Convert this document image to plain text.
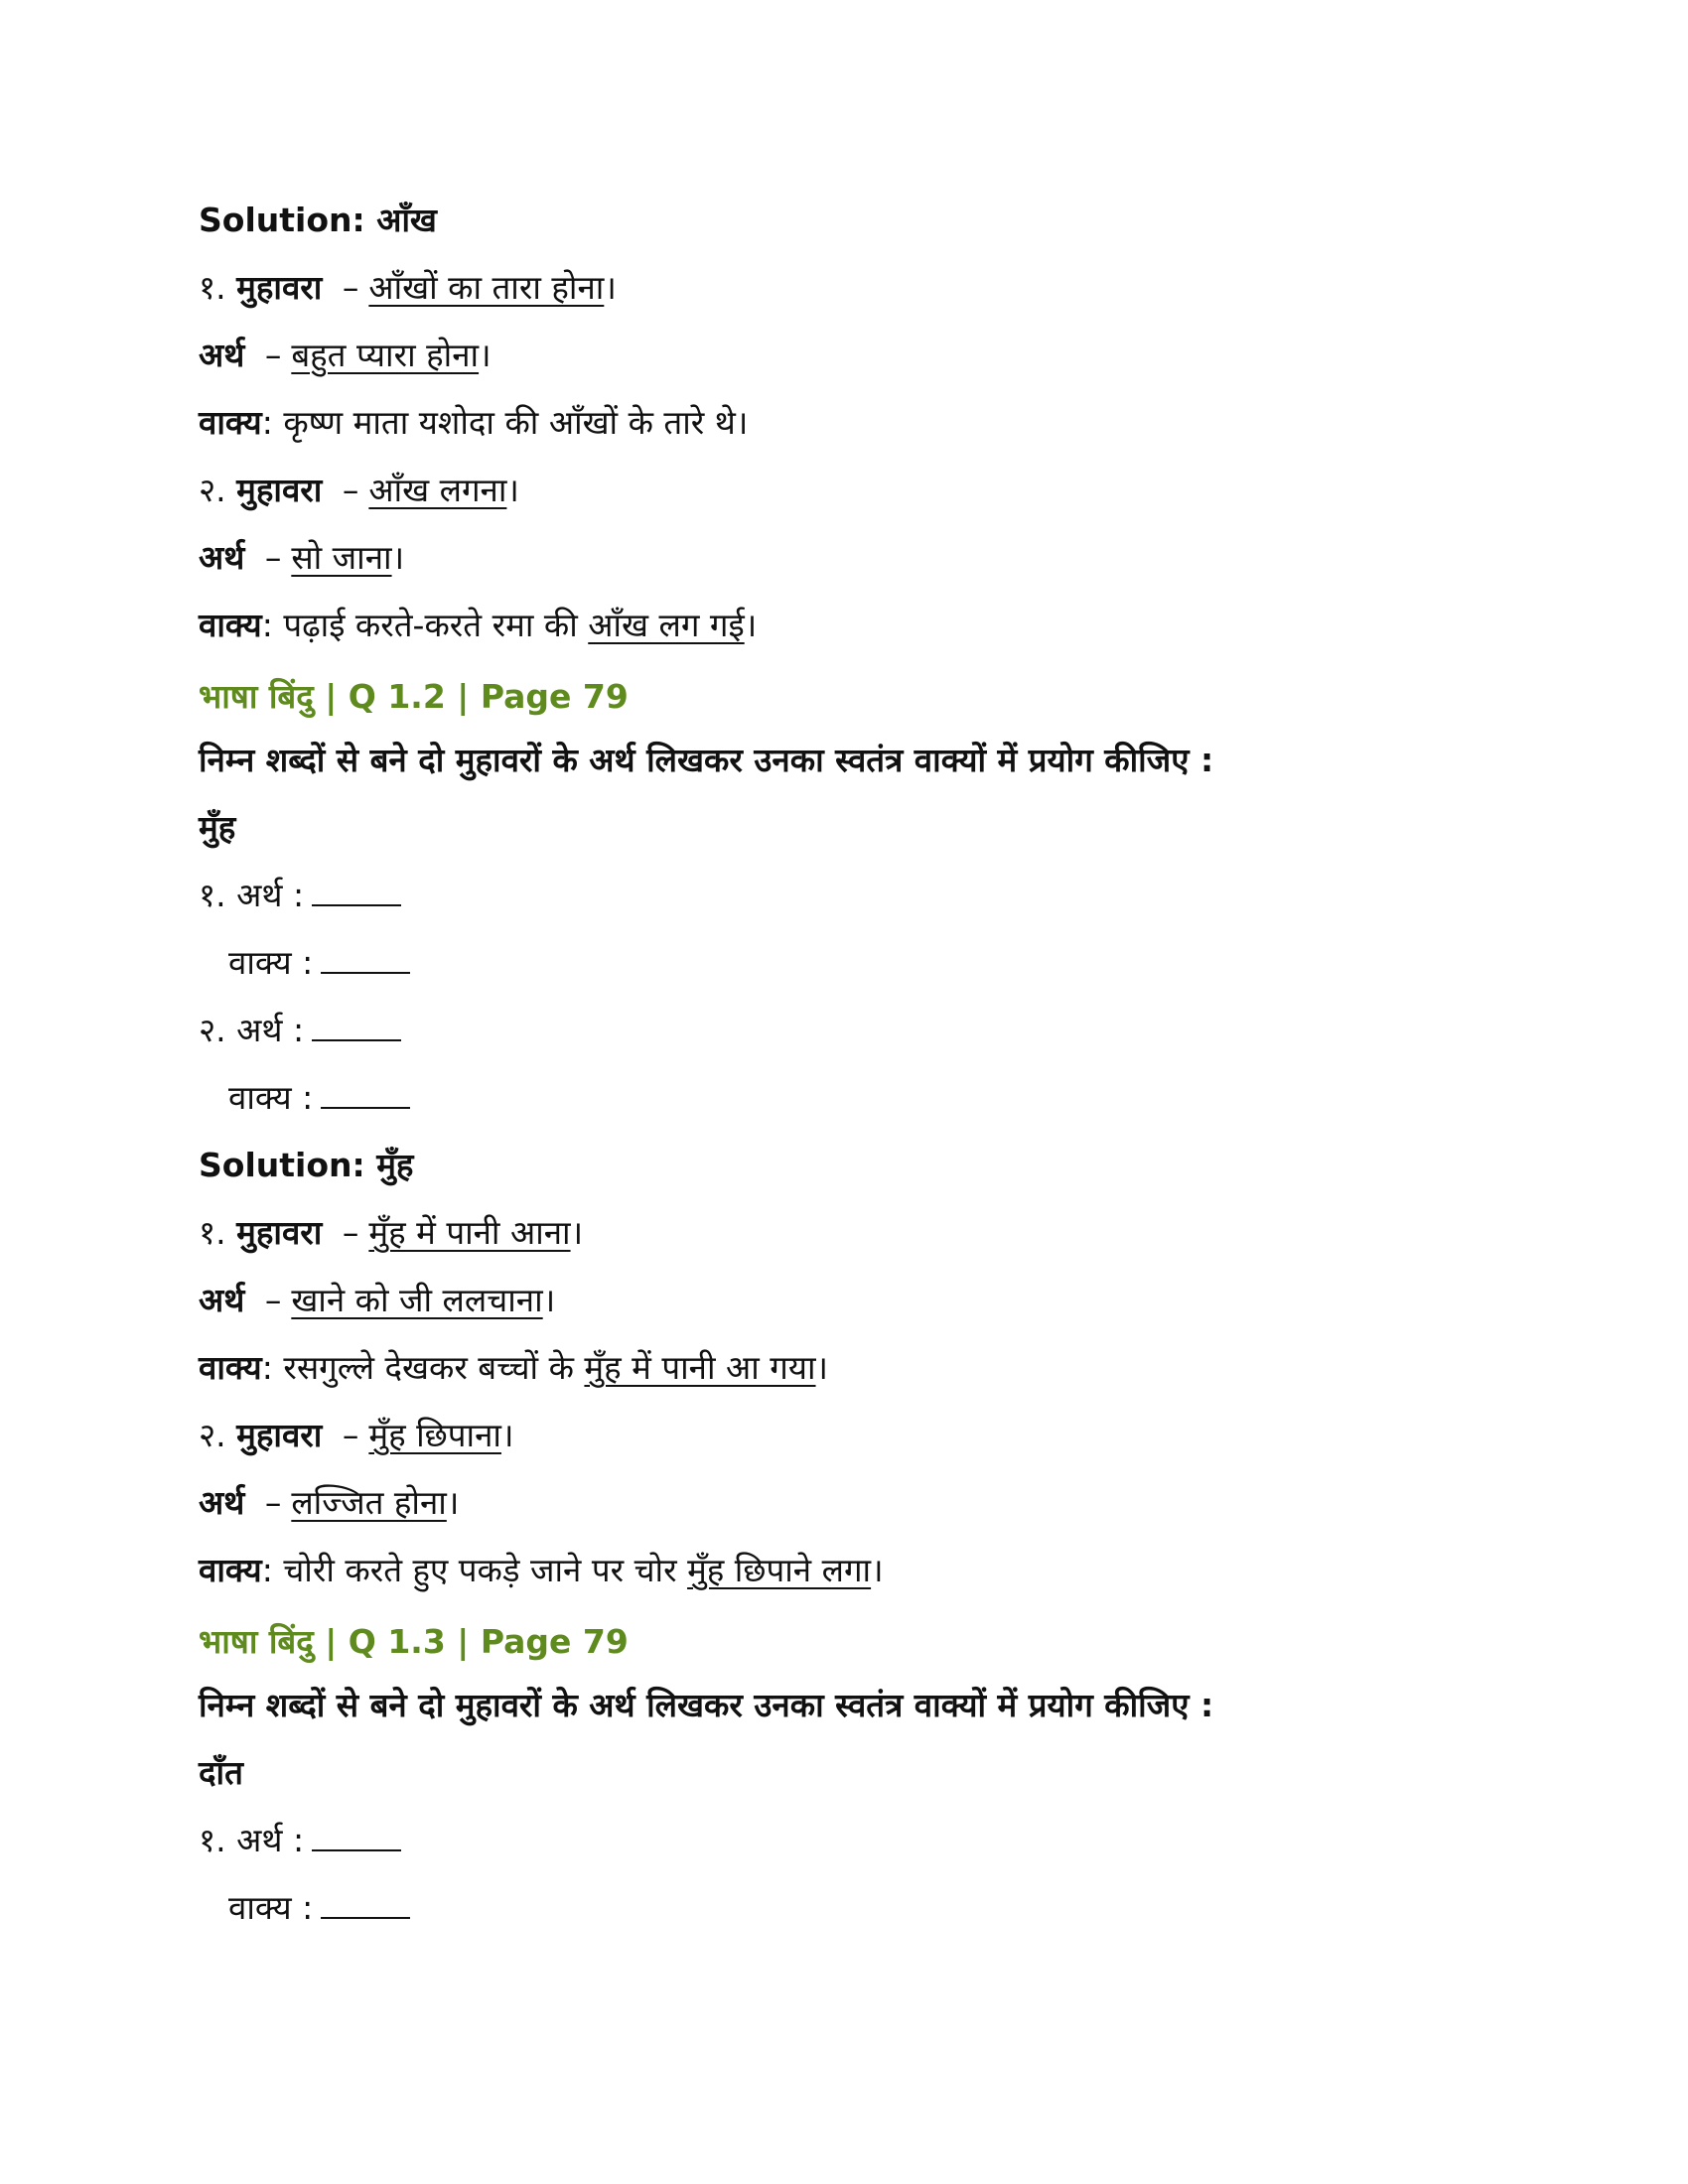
Solution: आँख
१. मुहावरा – आँखों का तारा होना।
अर्थ – बहुत प्यारा होना।
वाक्य: कृष्ण माता यशोदा की आँखों के तारे थे।
२. मुहावरा – आँख लगना।
अर्थ – सो जाना।
वाक्य: पढ़ाई करते-करते रमा की आँख लग गई।
भाषा बिंदु | Q 1.2 | Page 79
निम्न शब्दों से बने दो मुहावरों के अर्थ लिखकर उनका स्वतंत्र वाक्यों में प्रयोग कीजिए :
मुँह
१. अर्थ :
वाक्य :
२. अर्थ :
वाक्य :
Solution: मुँह
१. मुहावरा – मुँह में पानी आना।
अर्थ – खाने को जी ललचाना।
वाक्य: रसगुल्ले देखकर बच्चों के मुँह में पानी आ गया।
२. मुहावरा – मुँह छिपाना।
अर्थ – लज्जित होना।
वाक्य: चोरी करते हुए पकड़े जाने पर चोर मुँह छिपाने लगा।
भाषा बिंदु | Q 1.3 | Page 79
निम्न शब्दों से बने दो मुहावरों के अर्थ लिखकर उनका स्वतंत्र वाक्यों में प्रयोग कीजिए :
दाँत
१. अर्थ :
वाक्य :
